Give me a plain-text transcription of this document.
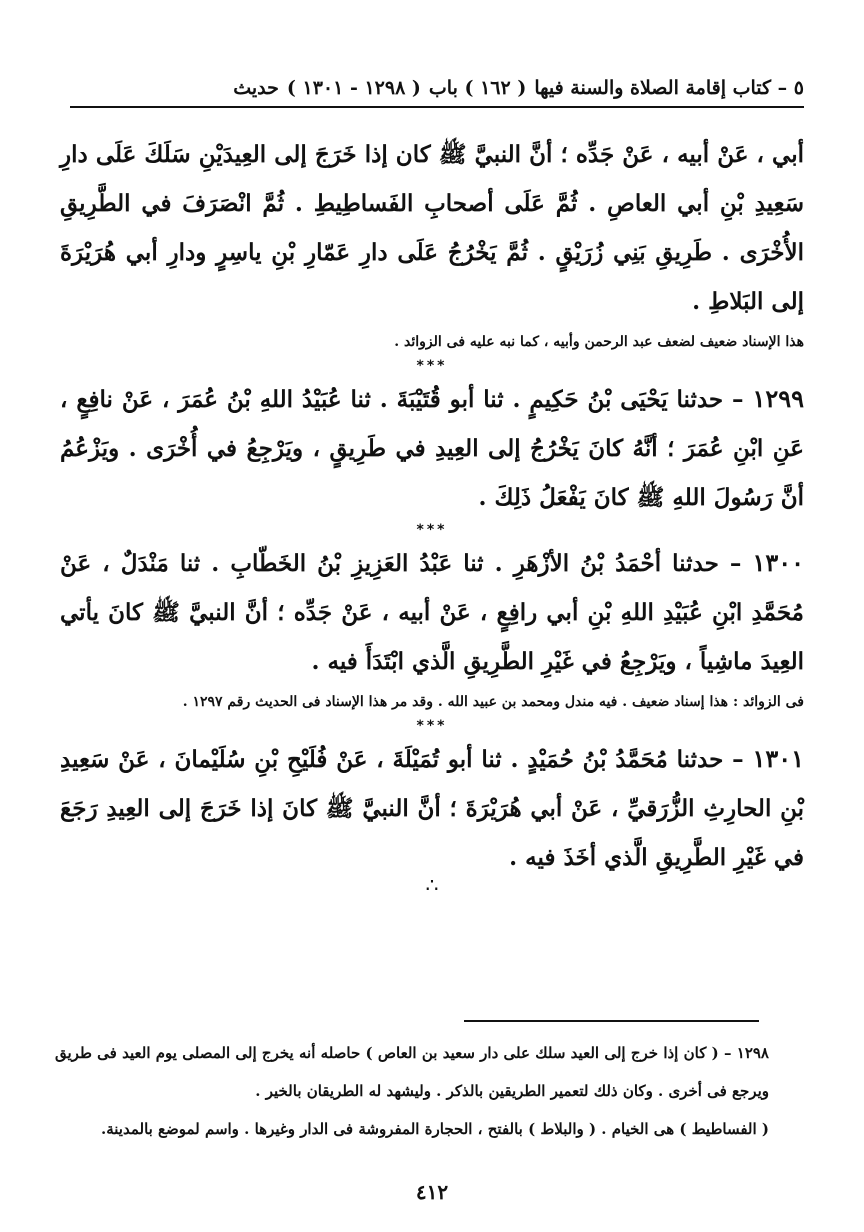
٥ – كتاب إقامة الصلاة والسنة فيها
( ١٦٢ ) باب
( ١٢٩٨ - ١٣٠١ )
حديث

أبي ، عَنْ أبيه ، عَنْ جَدِّه ؛ أنَّ النبيَّ ﷺ كان إذا خَرَجَ إلى العِيدَيْنِ سَلَكَ عَلَى دارِ سَعِيدِ بْنِ أبي العاصِ . ثُمَّ عَلَى أصحابِ الفَساطِيطِ . ثُمَّ انْصَرَفَ في الطَّرِيقِ الأُخْرَى . طَرِيقِ بَنِي زُرَيْقٍ . ثُمَّ يَخْرُجُ عَلَى دارِ عَمّارِ بْنِ ياسِرٍ ودارِ أبي هُرَيْرَةَ إلى البَلاطِ .

هذا الإسناد ضعيف لضعف عبد الرحمن وأبيه ، كما نبه عليه فى الزوائد .

***

١٢٩٩ – حدثنا يَحْيَى بْنُ حَكِيمٍ . ثنا أبو قُتَيْبَةَ . ثنا عُبَيْدُ اللهِ بْنُ عُمَرَ ، عَنْ نافِعٍ ، عَنِ ابْنِ عُمَرَ ؛ أنَّهُ كانَ يَخْرُجُ إلى العِيدِ في طَرِيقٍ ، ويَرْجِعُ في أُخْرَى . ويَزْعُمُ أنَّ رَسُولَ اللهِ ﷺ كانَ يَفْعَلُ ذَلِكَ .

***

١٣٠٠ – حدثنا أحْمَدُ بْنُ الأزْهَرِ . ثنا عَبْدُ العَزِيزِ بْنُ الخَطّابِ . ثنا مَنْدَلٌ ، عَنْ مُحَمَّدِ ابْنِ عُبَيْدِ اللهِ بْنِ أبي رافِعٍ ، عَنْ أبيه ، عَنْ جَدِّه ؛ أنَّ النبيَّ ﷺ كانَ يأتي العِيدَ ماشِياً ، ويَرْجِعُ في غَيْرِ الطَّرِيقِ الَّذي ابْتَدَأَ فيه .

فى الزوائد : هذا إسناد ضعيف . فيه مندل ومحمد بن عبيد الله . وقد مر هذا الإسناد فى الحديث رقم ١٢٩٧ .

***

١٣٠١ – حدثنا مُحَمَّدُ بْنُ حُمَيْدٍ . ثنا أبو تُمَيْلَةَ ، عَنْ فُلَيْحِ بْنِ سُلَيْمانَ ، عَنْ سَعِيدِ بْنِ الحارِثِ الزُّرَقيِّ ، عَنْ أبي هُرَيْرَةَ ؛ أنَّ النبيَّ ﷺ كانَ إذا خَرَجَ إلى العِيدِ رَجَعَ في غَيْرِ الطَّرِيقِ الَّذي أخَذَ فيه .

∴

١٢٩٨ – ( كان إذا خرج إلى العيد سلك على دار سعيد بن العاص ) حاصله أنه يخرج إلى المصلى يوم العيد فى طريق ويرجع فى أخرى . وكان ذلك لتعمير الطريقين بالذكر . وليشهد له الطريقان بالخير .

( الفساطيط ) هى الخيام . ( والبلاط ) بالفتح ، الحجارة المفروشة فى الدار وغيرها . واسم لموضع بالمدينة.

٤١٢
